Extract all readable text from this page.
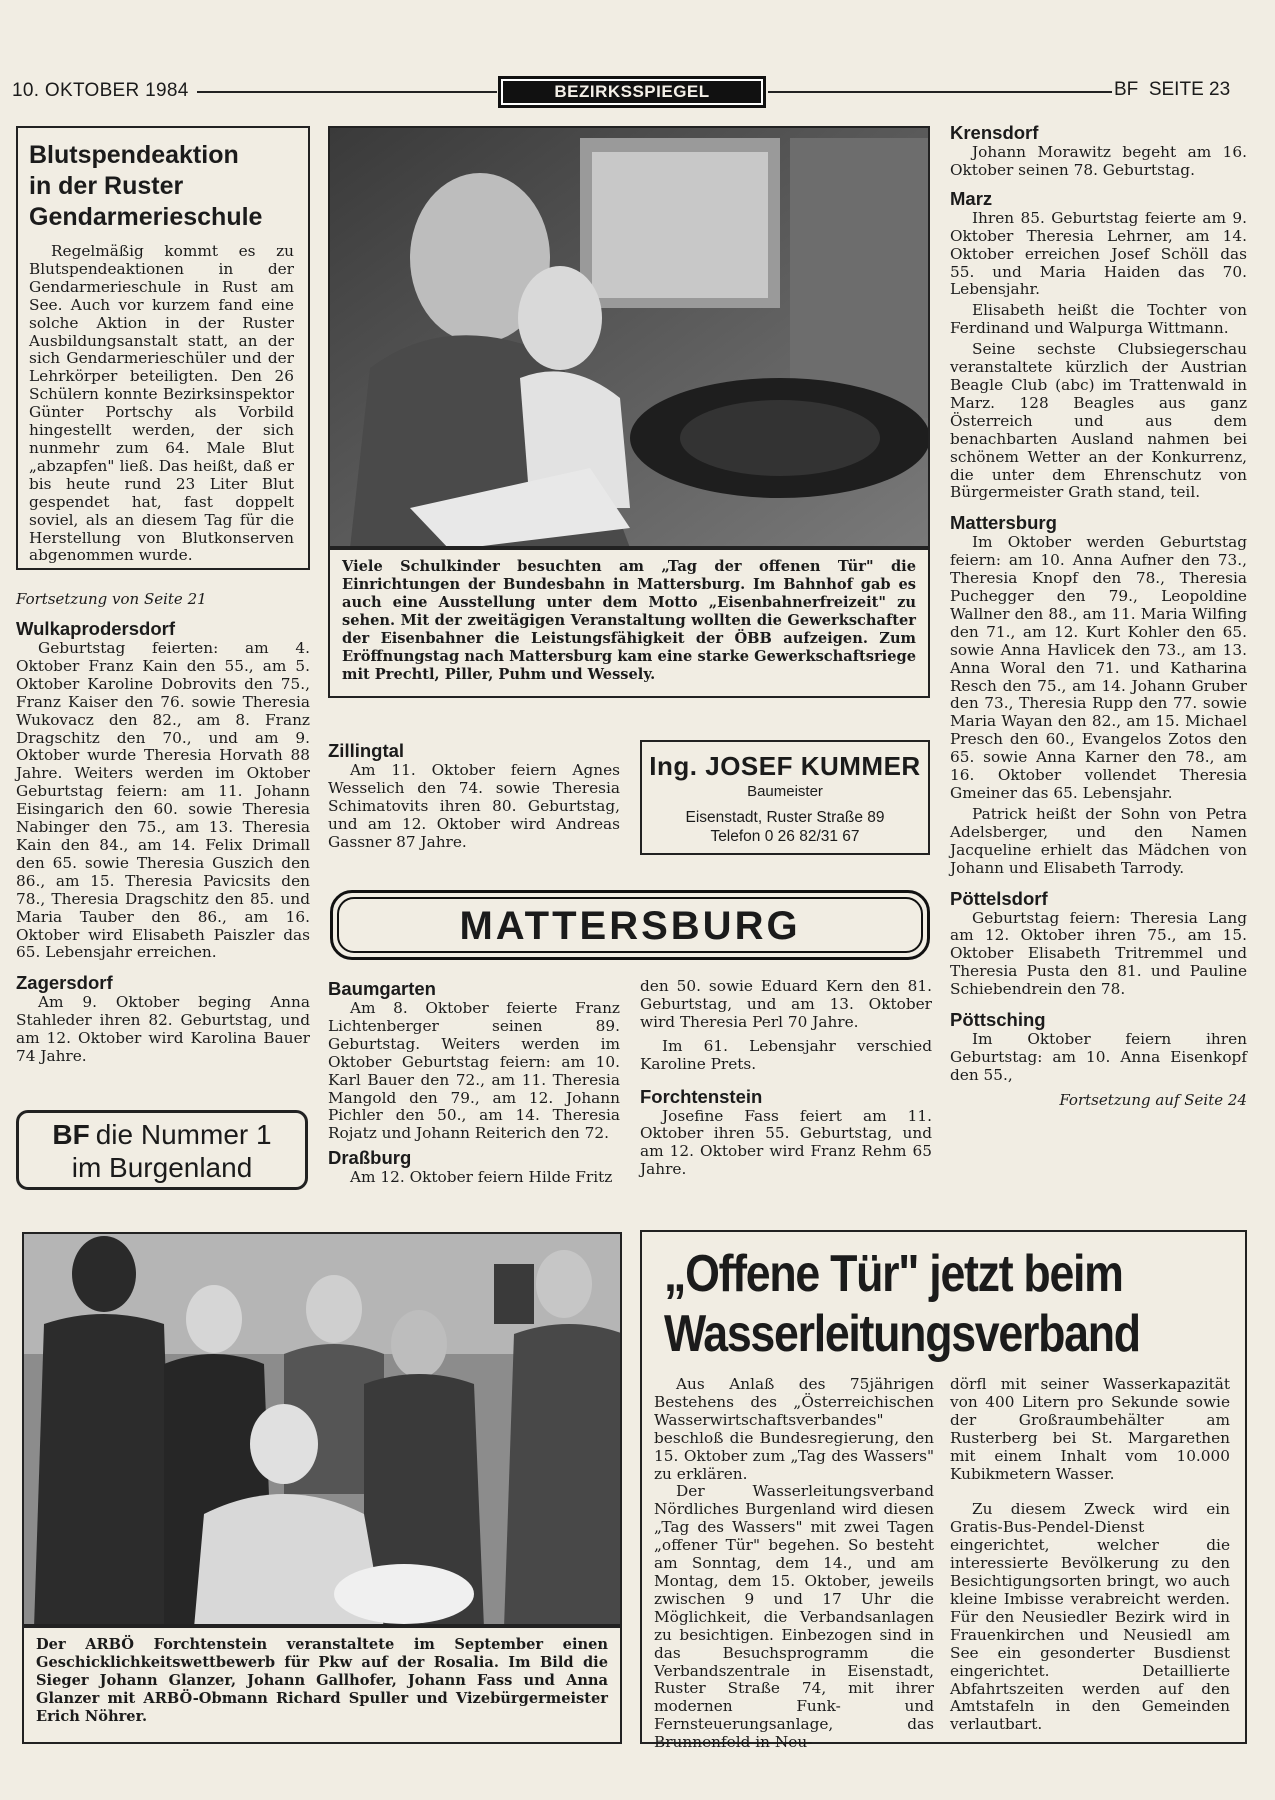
10. OKTOBER 1984	BEZIRKSSPIEGEL	BF  SEITE 23
Blutspendeaktion
in der Ruster
Gendarmerieschule

Regelmäßig kommt es zu Blutspendeaktionen in der Gendarmerieschule in Rust am See. Auch vor kurzem fand eine solche Aktion in der Ruster Ausbildungsanstalt statt, an der sich Gendarmerieschüler und der Lehrkörper beteiligten. Den 26 Schülern konnte Bezirksinspektor Günter Portschy als Vorbild hingestellt werden, der sich nunmehr zum 64. Male Blut „abzapfen" ließ. Das heißt, daß er bis heute rund 23 Liter Blut gespendet hat, fast doppelt soviel, als an diesem Tag für die Herstellung von Blutkonserven abgenommen wurde.

Fortsetzung von Seite 21
Wulkaprodersdorf

Geburtstag feierten: am 4. Oktober Franz Kain den 55., am 5. Oktober Karoline Dobrovits den 75., Franz Kaiser den 76. sowie Theresia Wukovacz den 82., am 8. Franz Dragschitz den 70., und am 9. Oktober wurde Theresia Horvath 88 Jahre. Weiters werden im Oktober Geburtstag feiern: am 11. Johann Eisingarich den 60. sowie Theresia Nabinger den 75., am 13. Theresia Kain den 84., am 14. Felix Drimall den 65. sowie Theresia Guszich den 86., am 15. Theresia Pavicsits den 78., Theresia Dragschitz den 85. und Maria Tauber den 86., am 16. Oktober wird Elisabeth Paiszler das 65. Lebensjahr erreichen.

Zagersdorf

Am 9. Oktober beging Anna Stahleder ihren 82. Geburtstag, und am 12. Oktober wird Karolina Bauer 74 Jahre.

BF die Nummer 1
im Burgenland
Viele Schulkinder besuchten am „Tag der offenen Tür" die Einrichtungen der Bundesbahn in Mattersburg. Im Bahnhof gab es auch eine Ausstellung unter dem Motto „Eisenbahnerfreizeit" zu sehen. Mit der zweitägigen Veranstaltung wollten die Gewerkschafter der Eisenbahner die Leistungsfähigkeit der ÖBB aufzeigen. Zum Eröffnungstag nach Mattersburg kam eine starke Gewerkschaftsriege mit Prechtl, Piller, Puhm und Wessely.
Zillingtal

Am 11. Oktober feiern Agnes Wesselich den 74. sowie Theresia Schimatovits ihren 80. Geburtstag, und am 12. Oktober wird Andreas Gassner 87 Jahre.

Ing. JOSEF KUMMER
Baumeister
Eisenstadt, Ruster Straße 89
Telefon 0 26 82/31 67
MATTERSBURG
Baumgarten

Am 8. Oktober feierte Franz Lichtenberger seinen 89. Geburtstag. Weiters werden im Oktober Geburtstag feiern: am 10. Karl Bauer den 72., am 11. Theresia Mangold den 79., am 12. Johann Pichler den 50., am 14. Theresia Rojatz und Johann Reiterich den 72.

Draßburg

Am 12. Oktober feiern Hilde Fritz

den 50. sowie Eduard Kern den 81. Geburtstag, und am 13. Oktober wird Theresia Perl 70 Jahre.

Im 61. Lebensjahr verschied Karoline Prets.

Forchtenstein

Josefine Fass feiert am 11. Oktober ihren 55. Geburtstag, und am 12. Oktober wird Franz Rehm 65 Jahre.

Krensdorf

Johann Morawitz begeht am 16. Oktober seinen 78. Geburtstag.

Marz

Ihren 85. Geburtstag feierte am 9. Oktober Theresia Lehrner, am 14. Oktober erreichen Josef Schöll das 55. und Maria Haiden das 70. Lebensjahr.

Elisabeth heißt die Tochter von Ferdinand und Walpurga Wittmann.

Seine sechste Clubsiegerschau veranstaltete kürzlich der Austrian Beagle Club (abc) im Trattenwald in Marz. 128 Beagles aus ganz Österreich und aus dem benachbarten Ausland nahmen bei schönem Wetter an der Konkurrenz, die unter dem Ehrenschutz von Bürgermeister Grath stand, teil.

Mattersburg

Im Oktober werden Geburtstag feiern: am 10. Anna Aufner den 73., Theresia Knopf den 78., Theresia Puchegger den 79., Leopoldine Wallner den 88., am 11. Maria Wilfing den 71., am 12. Kurt Kohler den 65. sowie Anna Havlicek den 73., am 13. Anna Woral den 71. und Katharina Resch den 75., am 14. Johann Gruber den 73., Theresia Rupp den 77. sowie Maria Wayan den 82., am 15. Michael Presch den 60., Evangelos Zotos den 65. sowie Anna Karner den 78., am 16. Oktober vollendet Theresia Gmeiner das 65. Lebensjahr.

Patrick heißt der Sohn von Petra Adelsberger, und den Namen Jacqueline erhielt das Mädchen von Johann und Elisabeth Tarrody.

Pöttelsdorf

Geburtstag feiern: Theresia Lang am 12. Oktober ihren 75., am 15. Oktober Elisabeth Tritremmel und Theresia Pusta den 81. und Pauline Schiebendrein den 78.

Pöttsching

Im Oktober feiern ihren Geburtstag: am 10. Anna Eisenkopf den 55.,

Fortsetzung auf Seite 24
Der ARBÖ Forchtenstein veranstaltete im September einen Geschicklichkeitswettbewerb für Pkw auf der Rosalia. Im Bild die Sieger Johann Glanzer, Johann Gallhofer, Johann Fass und Anna Glanzer mit ARBÖ-Obmann Richard Spuller und Vizebürgermeister Erich Nöhrer.
„Offene Tür" jetzt beim
Wasserleitungsverband

Aus Anlaß des 75jährigen Bestehens des „Österreichischen Wasserwirtschaftsverbandes" beschloß die Bundesregierung, den 15. Oktober zum „Tag des Wassers" zu erklären.

Der Wasserleitungsverband Nördliches Burgenland wird diesen „Tag des Wassers" mit zwei Tagen „offener Tür" begehen. So besteht am Sonntag, dem 14., und am Montag, dem 15. Oktober, jeweils zwischen 9 und 17 Uhr die Möglichkeit, die Verbandsanlagen zu besichtigen. Einbezogen sind in das Besuchsprogramm die Verbandszentrale in Eisenstadt, Ruster Straße 74, mit ihrer modernen Funk- und Fernsteuerungsanlage, das Brunnenfeld in Neu-

dörfl mit seiner Wasserkapazität von 400 Litern pro Sekunde sowie der Großraumbehälter am Rusterberg bei St. Margarethen mit einem Inhalt vom 10.000 Kubikmetern Wasser.

Zu diesem Zweck wird ein Gratis-Bus-Pendel-Dienst eingerichtet, welcher die interessierte Bevölkerung zu den Besichtigungsorten bringt, wo auch kleine Imbisse verabreicht werden. Für den Neusiedler Bezirk wird in Frauenkirchen und Neusiedl am See ein gesonderter Busdienst eingerichtet. Detaillierte Abfahrtszeiten werden auf den Amtstafeln in den Gemeinden verlautbart.
